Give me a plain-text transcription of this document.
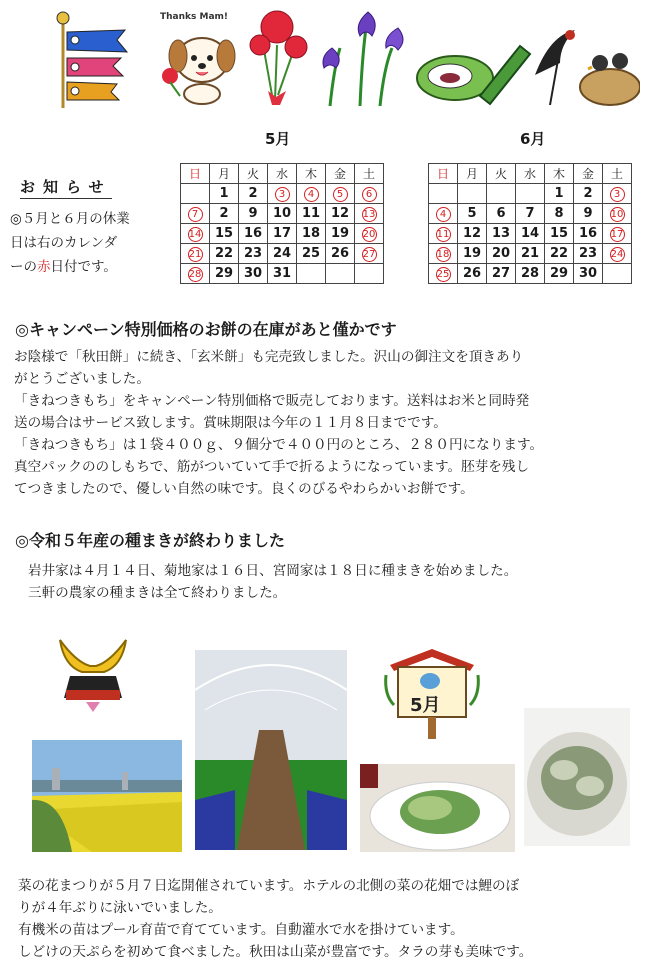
Thanks Mam!
5月	6月
お知らせ
◎５月と６月の休業
日は右のカレンダ
ーの赤日付です。
日	月	火	水	木	金	土
	1	2	3	4	5	6
7	2	9	10	11	12	13
14	15	16	17	18	19	20
21	22	23	24	25	26	27
28	29	30	31			
日	月	火	水	木	金	土
				1	2	3
4	5	6	7	8	9	10
11	12	13	14	15	16	17
18	19	20	21	22	23	24
25	26	27	28	29	30	
◎キャンペーン特別価格のお餅の在庫があと僅かです
お陰様で「秋田餅」に続き、「玄米餅」も完売致しました。沢山の御注文を頂きあり
がとうございました。
「きねつきもち」をキャンペーン特別価格で販売しております。送料はお米と同時発
送の場合はサービス致します。賞味期限は今年の１１月８日までです。
「きねつきもち」は１袋４００ｇ、９個分で４００円のところ、２８０円になります。
真空パックののしもちで、筋がついていて手で折るようになっています。胚芽を残し
てつきましたので、優しい自然の味です。良くのびるやわらかいお餅です。
◎令和５年産の種まきが終わりました
岩井家は４月１４日、菊地家は１６日、宮岡家は１８日に種まきを始めました。
三軒の農家の種まきは全て終わりました。
5月
菜の花まつりが５月７日迄開催されています。ホテルの北側の菜の花畑では鯉のぼ
りが４年ぶりに泳いでいました。
有機米の苗はプール育苗で育てています。自動灌水で水を掛けています。
しどけの天ぷらを初めて食べました。秋田は山菜が豊富です。タラの芽も美味です。
